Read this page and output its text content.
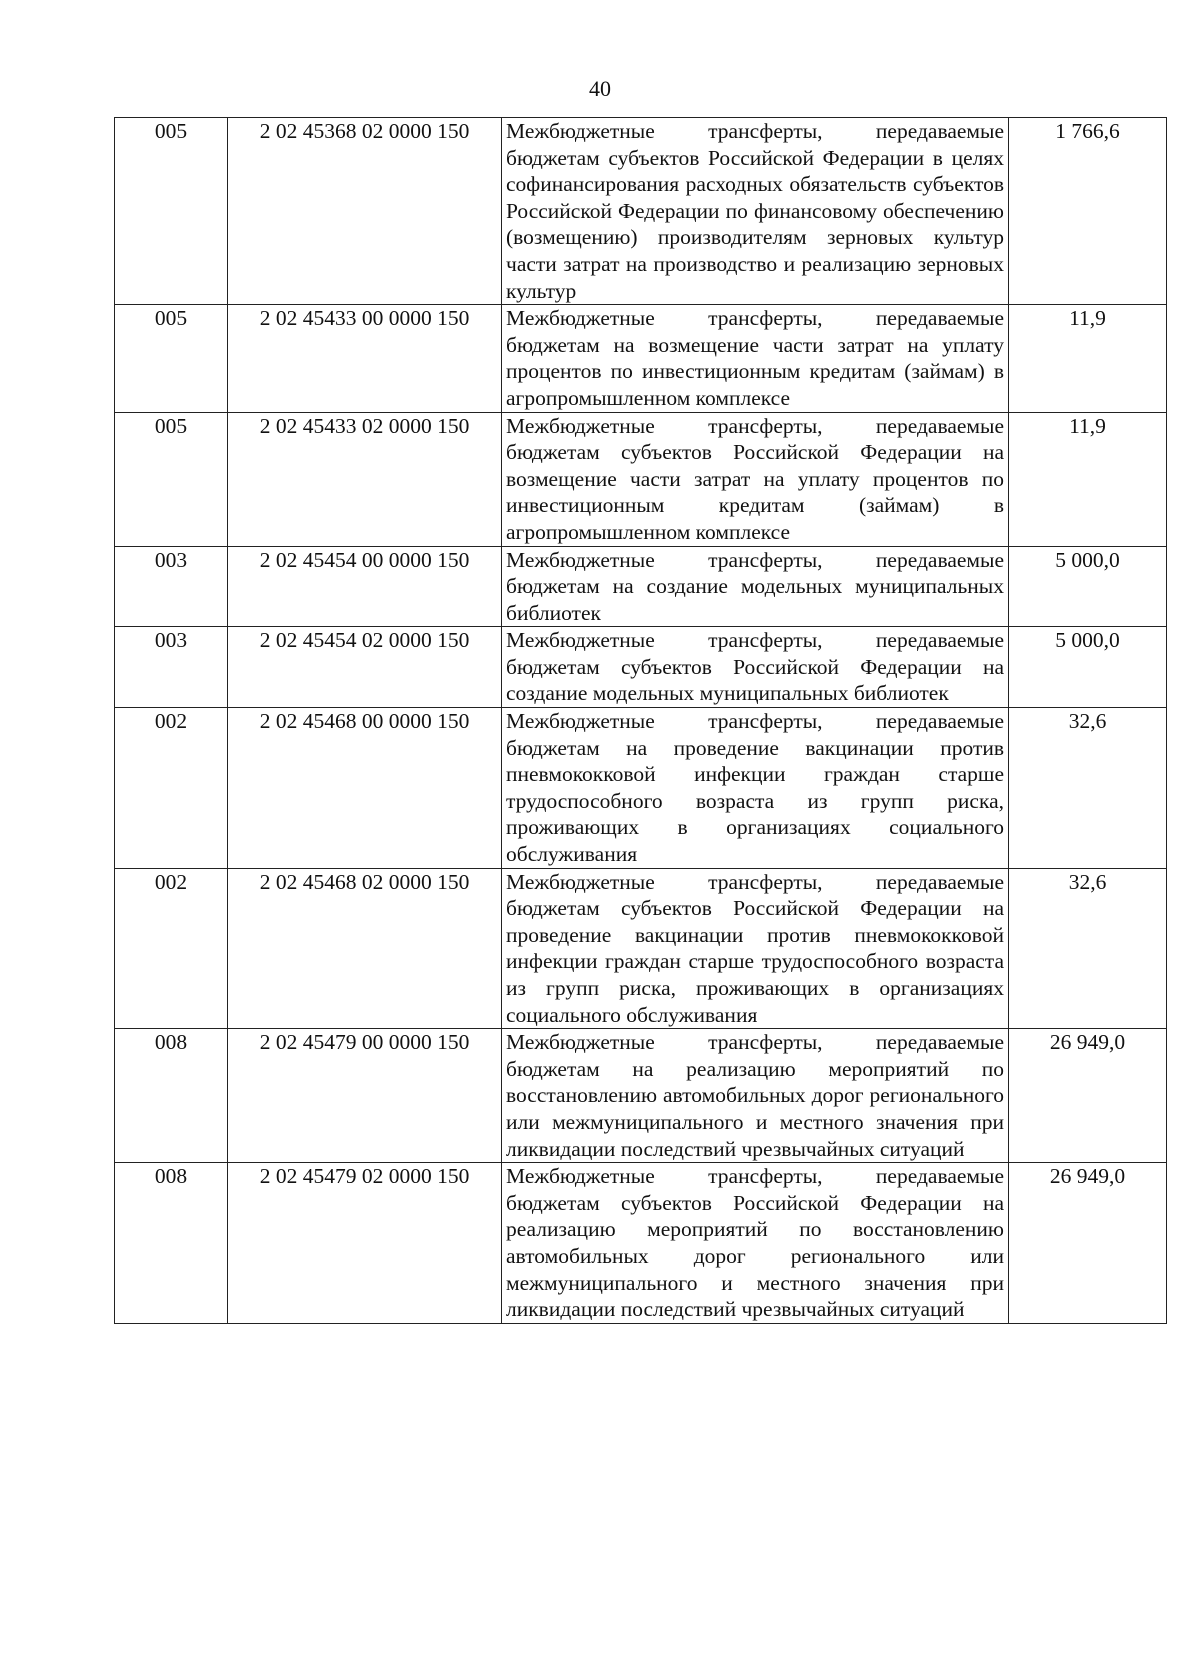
40
005	2 02 45368 02 0000 150	Межбюджетные трансферты, передаваемые бюджетам субъектов Российской Федерации в целях софинансирования расходных обязательств субъектов Российской Федерации по финансовому обеспечению (возмещению) производителям зерновых культур части затрат на производство и реализацию зерновых культур	1 766,6
005	2 02 45433 00 0000 150	Межбюджетные трансферты, передаваемые бюджетам на возмещение части затрат на уплату процентов по инвестиционным кредитам (займам) в агропромышленном комплексе	11,9
005	2 02 45433 02 0000 150	Межбюджетные трансферты, передаваемые бюджетам субъектов Российской Федерации на возмещение части затрат на уплату процентов по инвестиционным кредитам (займам) в агропромышленном комплексе	11,9
003	2 02 45454 00 0000 150	Межбюджетные трансферты, передаваемые бюджетам на создание модельных муниципальных библиотек	5 000,0
003	2 02 45454 02 0000 150	Межбюджетные трансферты, передаваемые бюджетам субъектов Российской Федерации на создание модельных муниципальных библиотек	5 000,0
002	2 02 45468 00 0000 150	Межбюджетные трансферты, передаваемые бюджетам на проведение вакцинации против пневмококковой инфекции граждан старше трудоспособного возраста из групп риска, проживающих в организациях социального обслуживания	32,6
002	2 02 45468 02 0000 150	Межбюджетные трансферты, передаваемые бюджетам субъектов Российской Федерации на проведение вакцинации против пневмококковой инфекции граждан старше трудоспособного возраста из групп риска, проживающих в организациях социального обслуживания	32,6
008	2 02 45479 00 0000 150	Межбюджетные трансферты, передаваемые бюджетам на реализацию мероприятий по восстановлению автомобильных дорог регионального или межмуниципального и местного значения при ликвидации последствий чрезвычайных ситуаций	26 949,0
008	2 02 45479 02 0000 150	Межбюджетные трансферты, передаваемые бюджетам субъектов Российской Федерации на реализацию мероприятий по восстановлению автомобильных дорог регионального или межмуниципального и местного значения при ликвидации последствий чрезвычайных ситуаций	26 949,0
